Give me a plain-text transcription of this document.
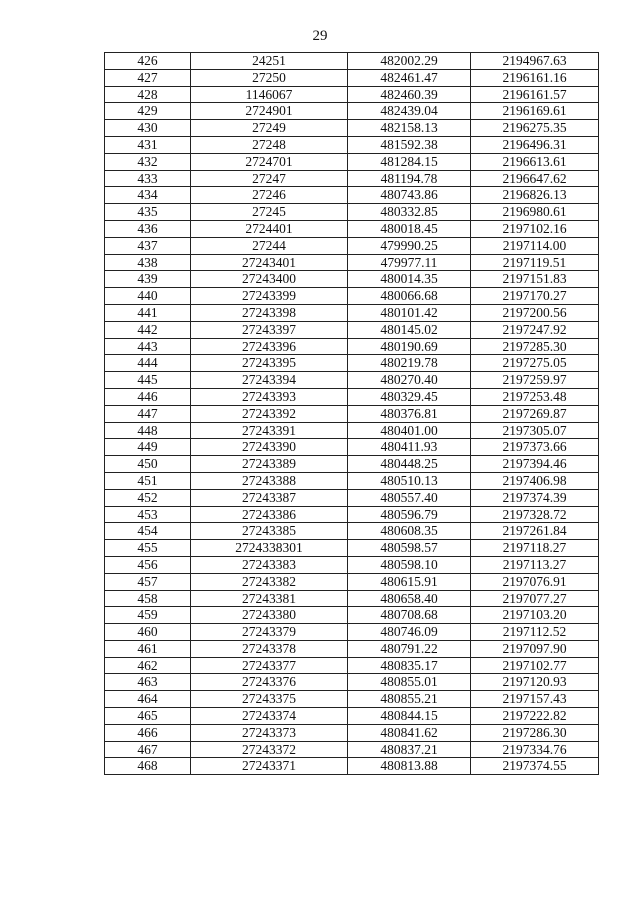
29
426	24251	482002.29	2194967.63
427	27250	482461.47	2196161.16
428	1146067	482460.39	2196161.57
429	2724901	482439.04	2196169.61
430	27249	482158.13	2196275.35
431	27248	481592.38	2196496.31
432	2724701	481284.15	2196613.61
433	27247	481194.78	2196647.62
434	27246	480743.86	2196826.13
435	27245	480332.85	2196980.61
436	2724401	480018.45	2197102.16
437	27244	479990.25	2197114.00
438	27243401	479977.11	2197119.51
439	27243400	480014.35	2197151.83
440	27243399	480066.68	2197170.27
441	27243398	480101.42	2197200.56
442	27243397	480145.02	2197247.92
443	27243396	480190.69	2197285.30
444	27243395	480219.78	2197275.05
445	27243394	480270.40	2197259.97
446	27243393	480329.45	2197253.48
447	27243392	480376.81	2197269.87
448	27243391	480401.00	2197305.07
449	27243390	480411.93	2197373.66
450	27243389	480448.25	2197394.46
451	27243388	480510.13	2197406.98
452	27243387	480557.40	2197374.39
453	27243386	480596.79	2197328.72
454	27243385	480608.35	2197261.84
455	2724338301	480598.57	2197118.27
456	27243383	480598.10	2197113.27
457	27243382	480615.91	2197076.91
458	27243381	480658.40	2197077.27
459	27243380	480708.68	2197103.20
460	27243379	480746.09	2197112.52
461	27243378	480791.22	2197097.90
462	27243377	480835.17	2197102.77
463	27243376	480855.01	2197120.93
464	27243375	480855.21	2197157.43
465	27243374	480844.15	2197222.82
466	27243373	480841.62	2197286.30
467	27243372	480837.21	2197334.76
468	27243371	480813.88	2197374.55
